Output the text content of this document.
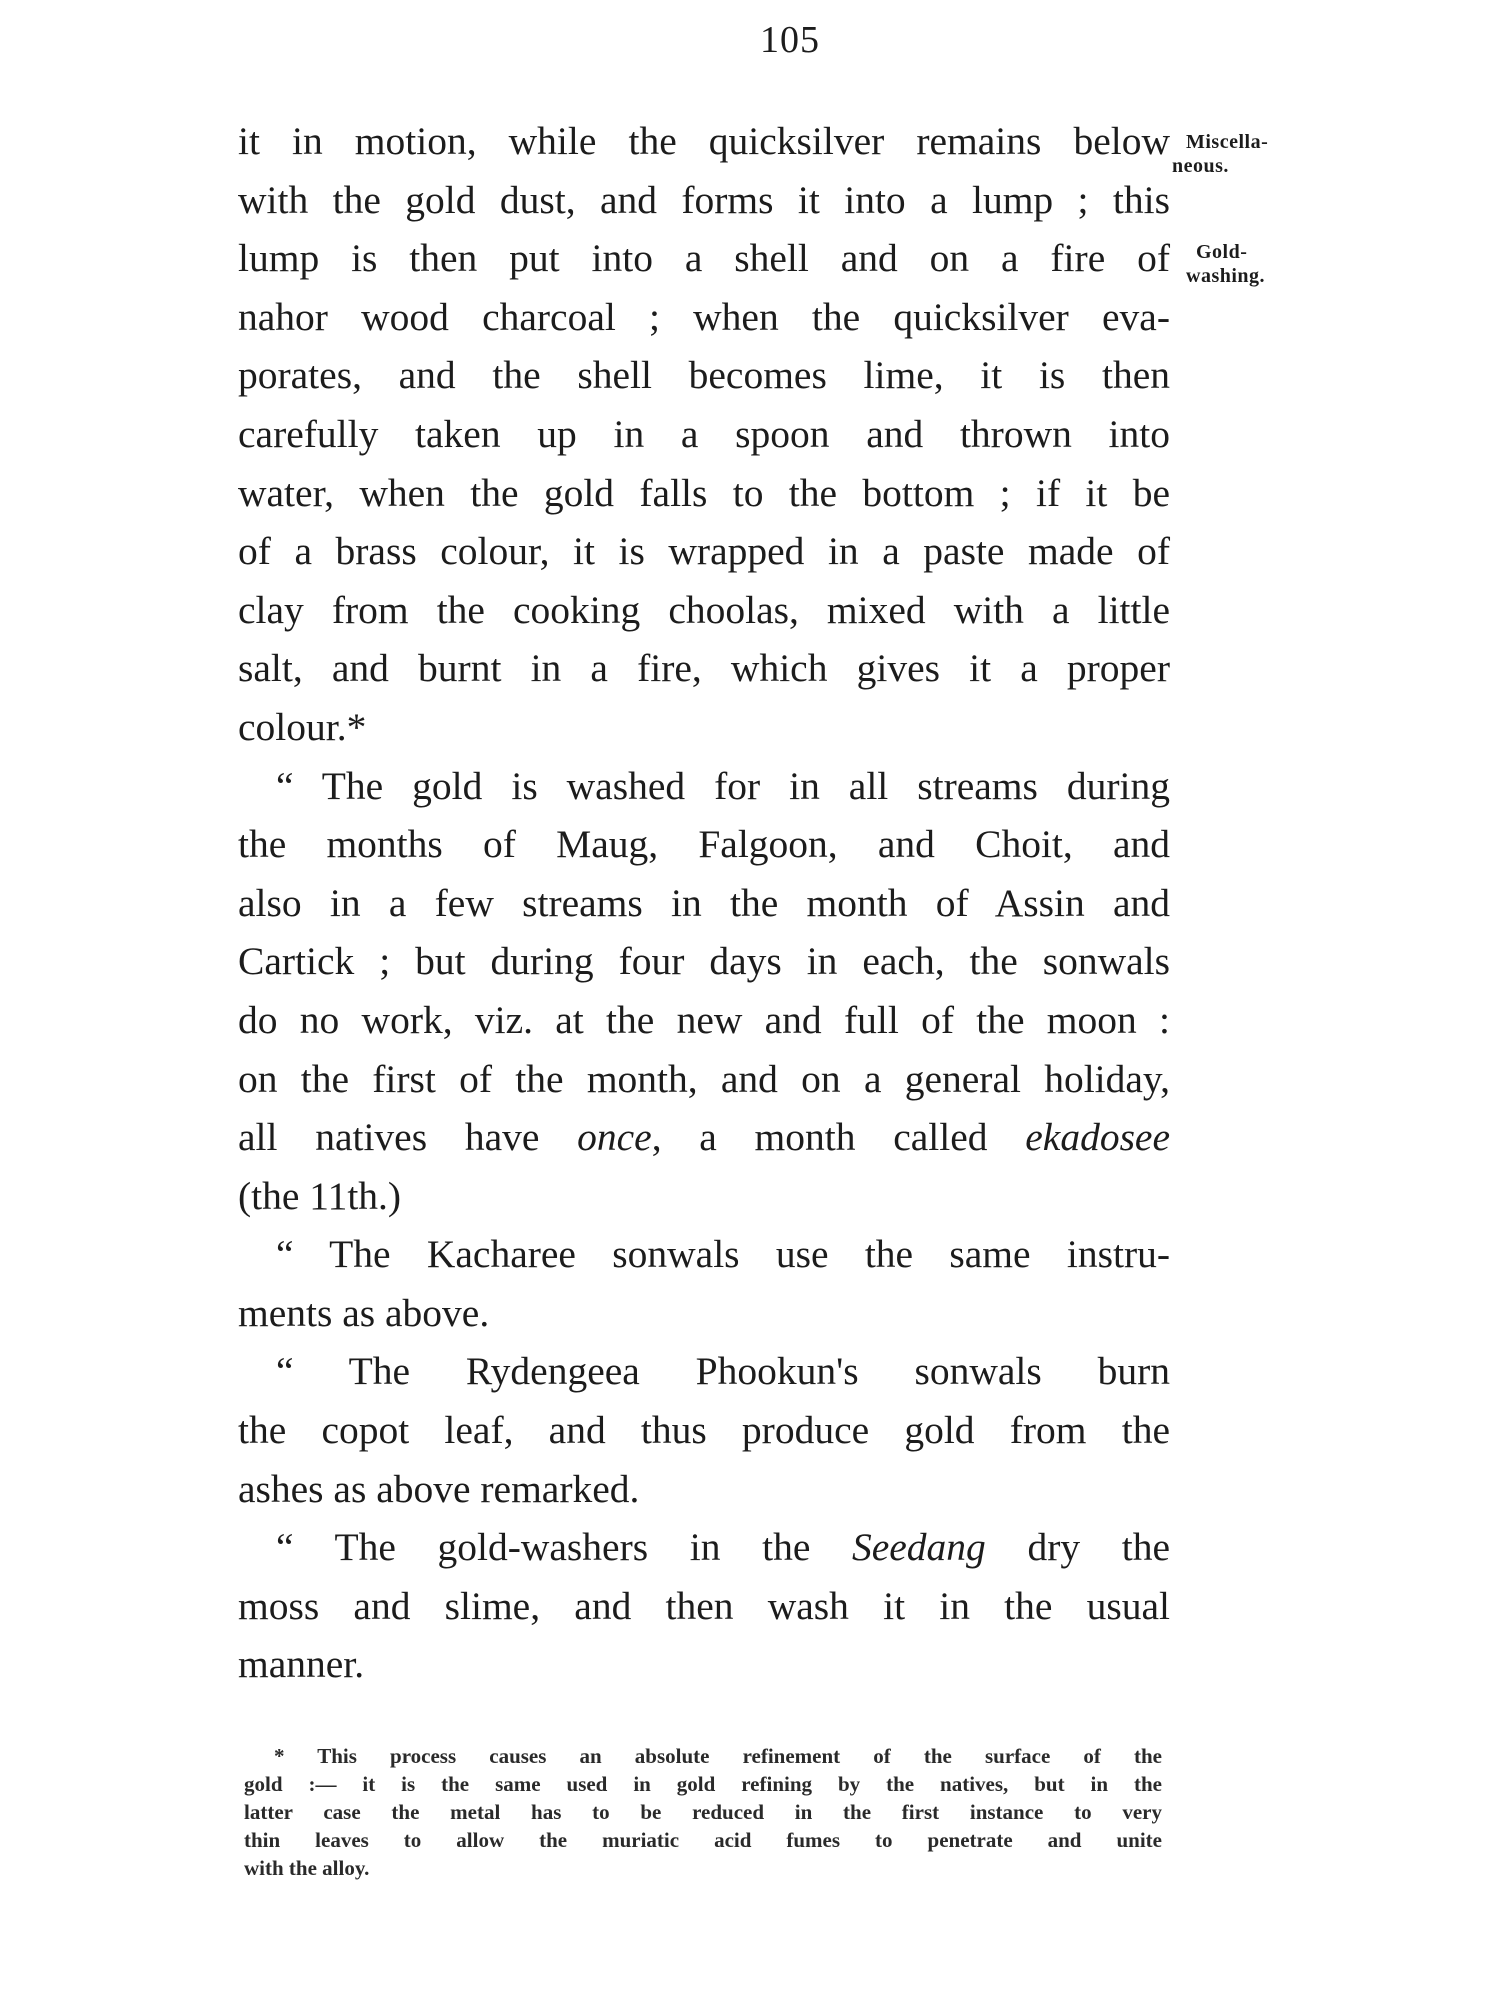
105
Miscella-
neous.
Gold-
washing.
it in motion, while the quicksilver remains below
with the gold dust, and forms it into a lump ; this
lump is then put into a shell and on a fire of
nahor wood charcoal ; when the quicksilver eva-
porates, and the shell becomes lime, it is then
carefully taken up in a spoon and thrown into
water, when the gold falls to the bottom ; if it be
of a brass colour, it is wrapped in a paste made of
clay from the cooking choolas, mixed with a little
salt, and burnt in a fire, which gives it a proper
colour.*
“ The gold is washed for in all streams during
the months of Maug, Falgoon, and Choit, and
also in a few streams in the month of Assin and
Cartick ; but during four days in each, the sonwals
do no work, viz. at the new and full of the moon :
on the first of the month, and on a general holiday,
all natives have once, a month called ekadosee
(the 11th.)
“ The Kacharee sonwals use the same instru-
ments as above.
“ The Rydengeea Phookun's sonwals burn
the copot leaf, and thus produce gold from the
ashes as above remarked.
“ The gold-washers in the Seedang dry the
moss and slime, and then wash it in the usual
manner.
* This process causes an absolute refinement of the surface of the
gold :— it is the same used in gold refining by the natives, but in the
latter case the metal has to be reduced in the first instance to very
thin leaves to allow the muriatic acid fumes to penetrate and unite
with the alloy.
